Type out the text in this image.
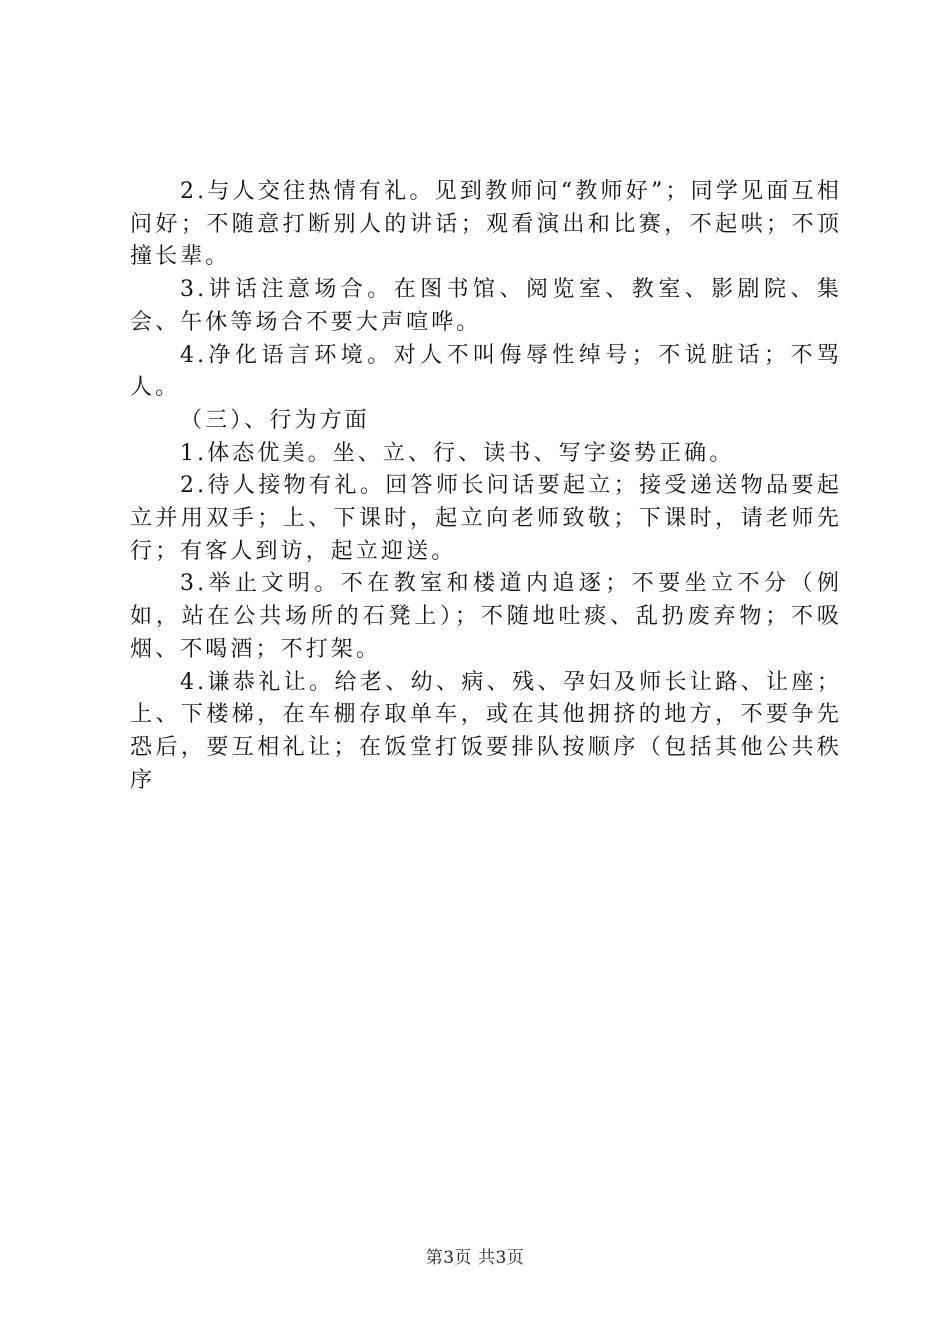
2.与人交往热情有礼。见到教师问“教师好”；同学见面互相问好；不随意打断别人的讲话；观看演出和比赛，不起哄；不顶撞长辈。

3.讲话注意场合。在图书馆、阅览室、教室、影剧院、集会、午休等场合不要大声喧哗。

4.净化语言环境。对人不叫侮辱性绰号；不说脏话；不骂人。

（三）、行为方面

1.体态优美。坐、立、行、读书、写字姿势正确。

2.待人接物有礼。回答师长问话要起立；接受递送物品要起立并用双手；上、下课时，起立向老师致敬；下课时，请老师先行；有客人到访，起立迎送。

3.举止文明。不在教室和楼道内追逐；不要坐立不分（例如，站在公共场所的石凳上）；不随地吐痰、乱扔废弃物；不吸烟、不喝酒；不打架。

4.谦恭礼让。给老、幼、病、残、孕妇及师长让路、让座；上、下楼梯，在车棚存取单车，或在其他拥挤的地方，不要争先恐后，要互相礼让；在饭堂打饭要排队按顺序（包括其他公共秩序

第3页 共3页
